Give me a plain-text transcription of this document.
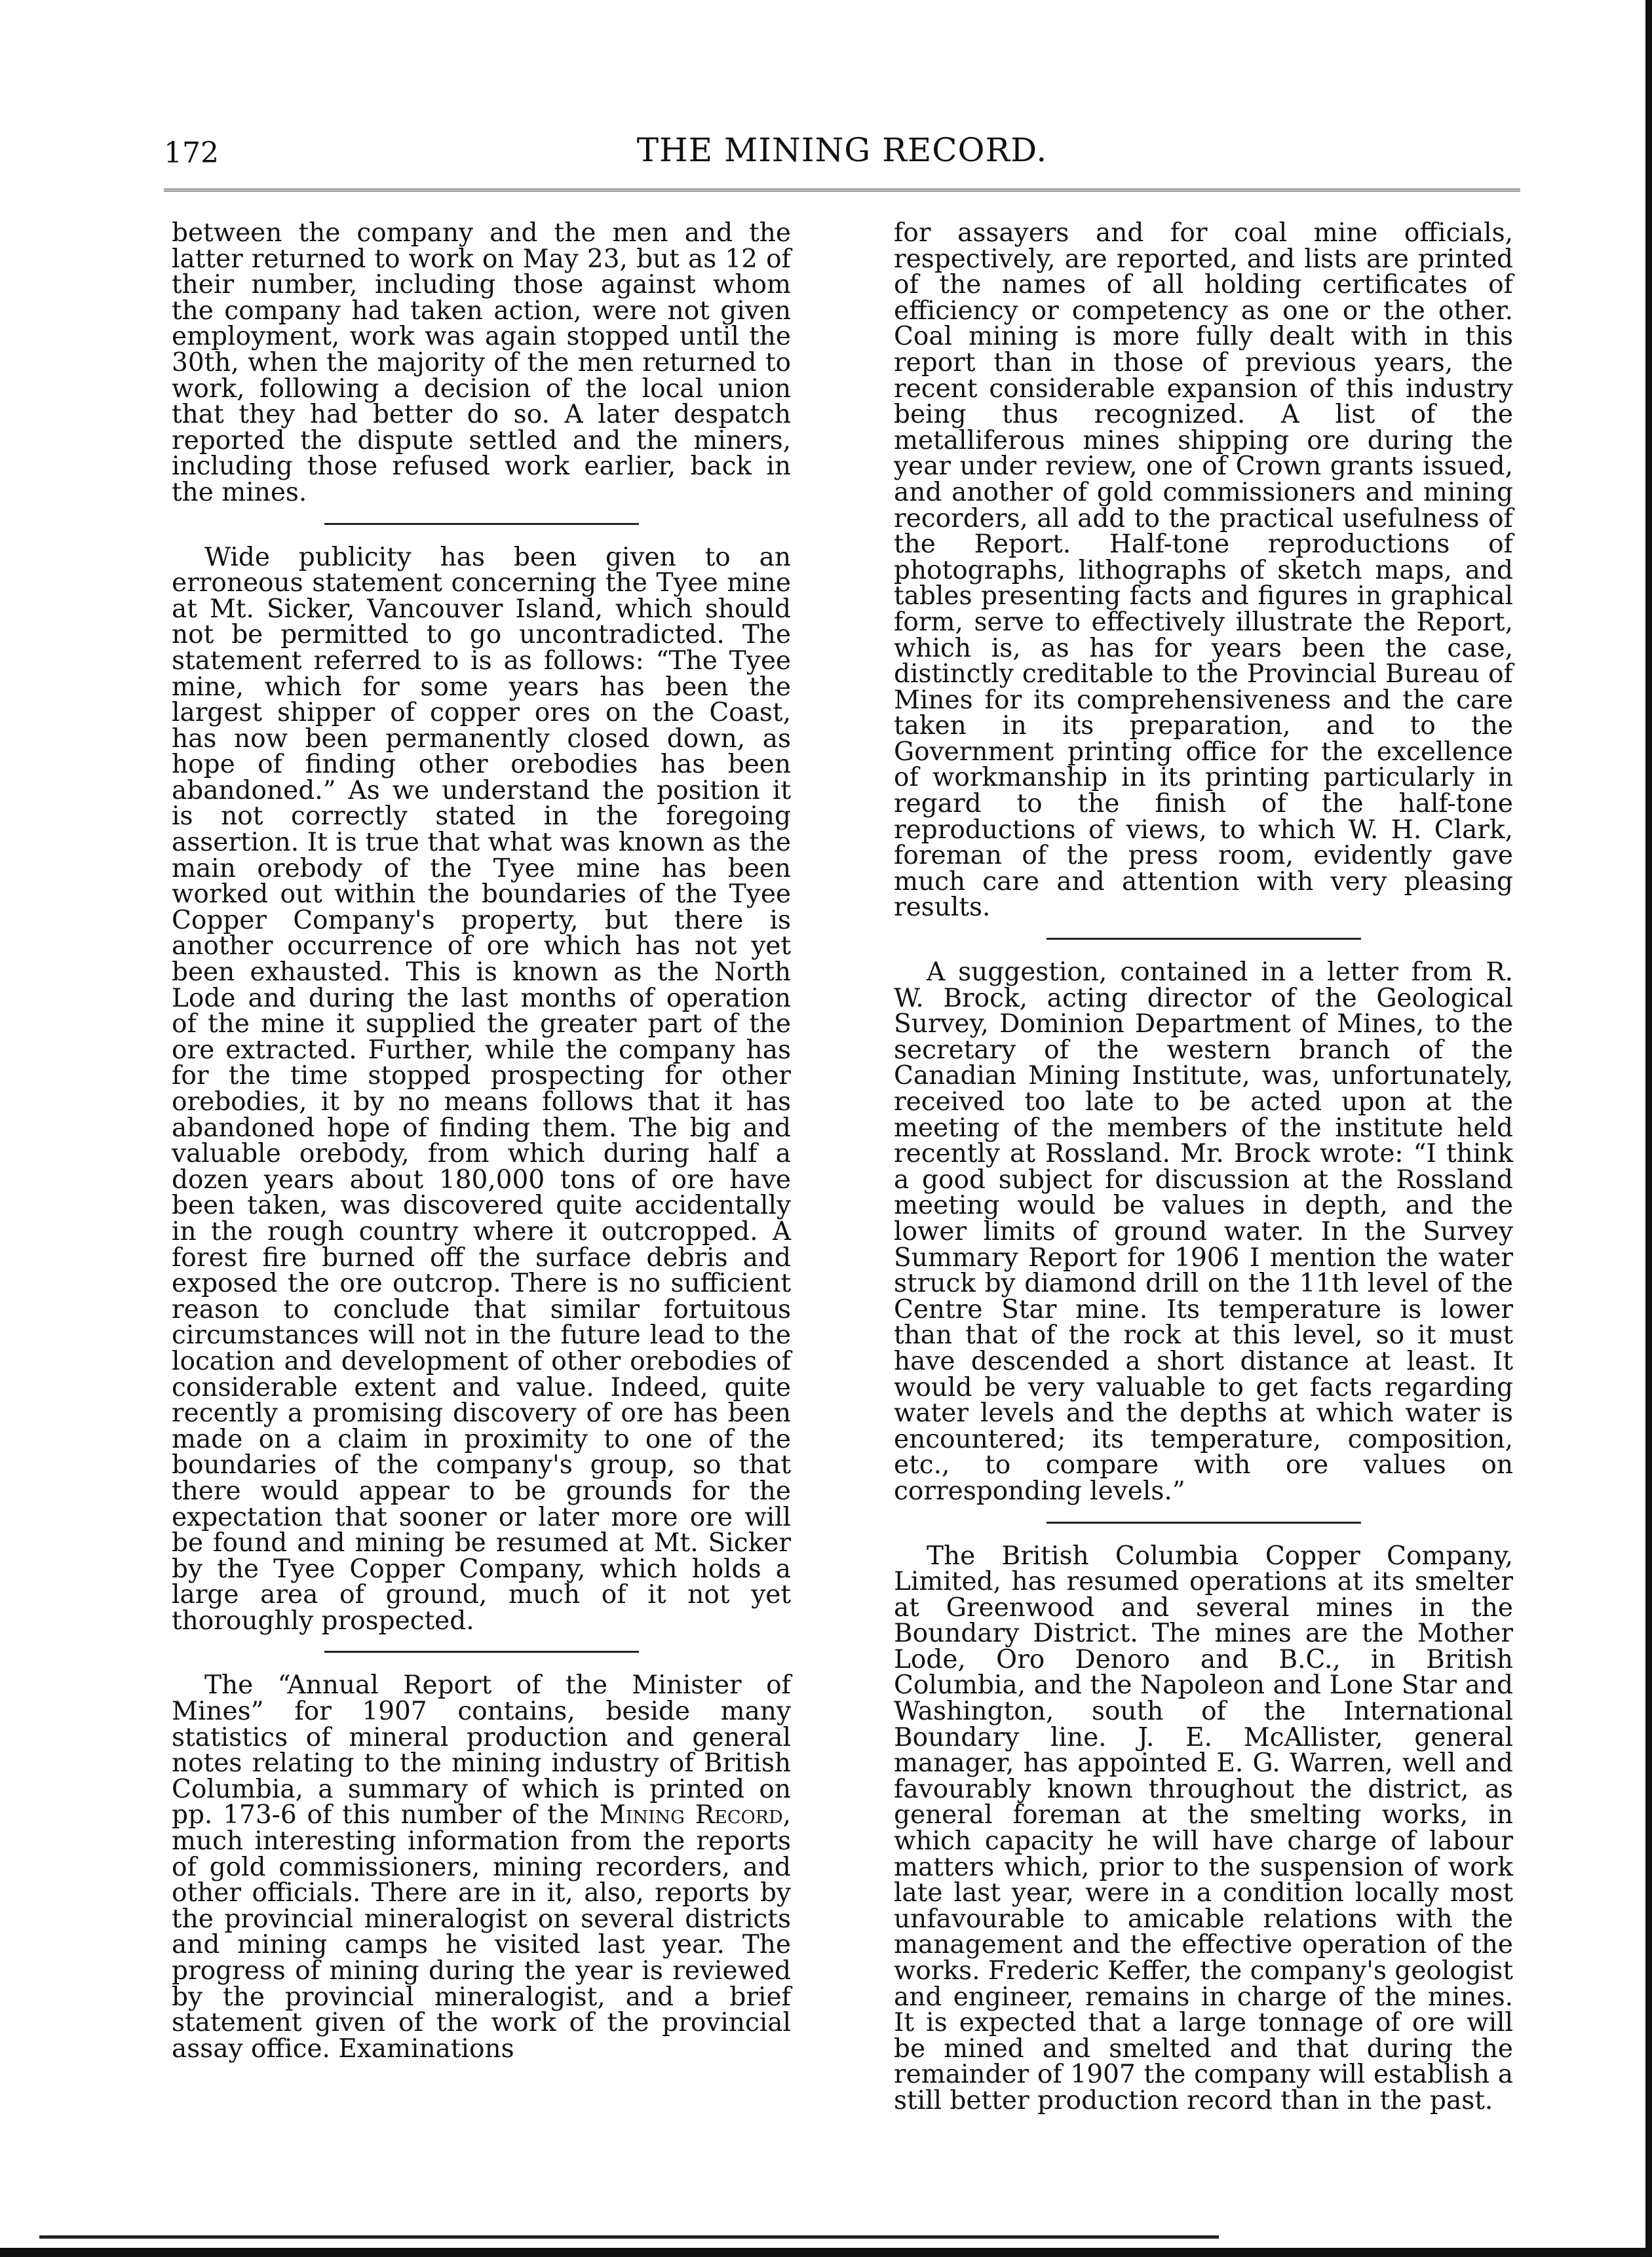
172	THE MINING RECORD.

between the company and the men and the latter returned to work on May 23, but as 12 of their number, including those against whom the company had taken action, were not given employment, work was again stopped until the 30th, when the majority of the men returned to work, following a decision of the local union that they had better do so. A later despatch reported the dispute settled and the miners, including those refused work earlier, back in the mines.

Wide publicity has been given to an erroneous statement concerning the Tyee mine at Mt. Sicker, Vancouver Island, which should not be permitted to go uncontradicted. The statement referred to is as follows: “The Tyee mine, which for some years has been the largest shipper of copper ores on the Coast, has now been permanently closed down, as hope of finding other orebodies has been abandoned.” As we understand the position it is not correctly stated in the foregoing assertion. It is true that what was known as the main orebody of the Tyee mine has been worked out within the boundaries of the Tyee Copper Company's property, but there is another occurrence of ore which has not yet been exhausted. This is known as the North Lode and during the last months of operation of the mine it supplied the greater part of the ore extracted. Further, while the company has for the time stopped prospecting for other orebodies, it by no means follows that it has abandoned hope of finding them. The big and valuable orebody, from which during half a dozen years about 180,000 tons of ore have been taken, was discovered quite accidentally in the rough country where it outcropped. A forest fire burned off the surface debris and exposed the ore outcrop. There is no sufficient reason to conclude that similar fortuitous circumstances will not in the future lead to the location and development of other orebodies of considerable extent and value. Indeed, quite recently a promising discovery of ore has been made on a claim in proximity to one of the boundaries of the company's group, so that there would appear to be grounds for the expectation that sooner or later more ore will be found and mining be resumed at Mt. Sicker by the Tyee Copper Company, which holds a large area of ground, much of it not yet thoroughly prospected.

The “Annual Report of the Minister of Mines” for 1907 contains, beside many statistics of mineral production and general notes relating to the mining industry of British Columbia, a summary of which is printed on pp. 173-6 of this number of the Mining Record, much interesting information from the reports of gold commissioners, mining recorders, and other officials. There are in it, also, reports by the provincial mineralogist on several districts and mining camps he visited last year. The progress of mining during the year is reviewed by the provincial mineralogist, and a brief statement given of the work of the provincial assay office. Examinations

for assayers and for coal mine officials, respectively, are reported, and lists are printed of the names of all holding certificates of efficiency or competency as one or the other. Coal mining is more fully dealt with in this report than in those of previous years, the recent considerable expansion of this industry being thus recognized. A list of the metalliferous mines shipping ore during the year under review, one of Crown grants issued, and another of gold commissioners and mining recorders, all add to the practical usefulness of the Report. Half-tone reproductions of photographs, lithographs of sketch maps, and tables presenting facts and figures in graphical form, serve to effectively illustrate the Report, which is, as has for years been the case, distinctly creditable to the Provincial Bureau of Mines for its comprehensiveness and the care taken in its preparation, and to the Government printing office for the excellence of workmanship in its printing particularly in regard to the finish of the half-tone reproductions of views, to which W. H. Clark, foreman of the press room, evidently gave much care and attention with very pleasing results.

A suggestion, contained in a letter from R. W. Brock, acting director of the Geological Survey, Dominion Department of Mines, to the secretary of the western branch of the Canadian Mining Institute, was, unfortunately, received too late to be acted upon at the meeting of the members of the institute held recently at Rossland. Mr. Brock wrote: “I think a good subject for discussion at the Rossland meeting would be values in depth, and the lower limits of ground water. In the Survey Summary Report for 1906 I mention the water struck by diamond drill on the 11th level of the Centre Star mine. Its temperature is lower than that of the rock at this level, so it must have descended a short distance at least. It would be very valuable to get facts regarding water levels and the depths at which water is encountered; its temperature, composition, etc., to compare with ore values on corresponding levels.”

The British Columbia Copper Company, Limited, has resumed operations at its smelter at Greenwood and several mines in the Boundary District. The mines are the Mother Lode, Oro Denoro and B.C., in British Columbia, and the Napoleon and Lone Star and Washington, south of the International Boundary line. J. E. McAllister, general manager, has appointed E. G. Warren, well and favourably known throughout the district, as general foreman at the smelting works, in which capacity he will have charge of labour matters which, prior to the suspension of work late last year, were in a condition locally most unfavourable to amicable relations with the management and the effective operation of the works. Frederic Keffer, the company's geologist and engineer, remains in charge of the mines. It is expected that a large tonnage of ore will be mined and smelted and that during the remainder of 1907 the company will establish a still better production record than in the past.
